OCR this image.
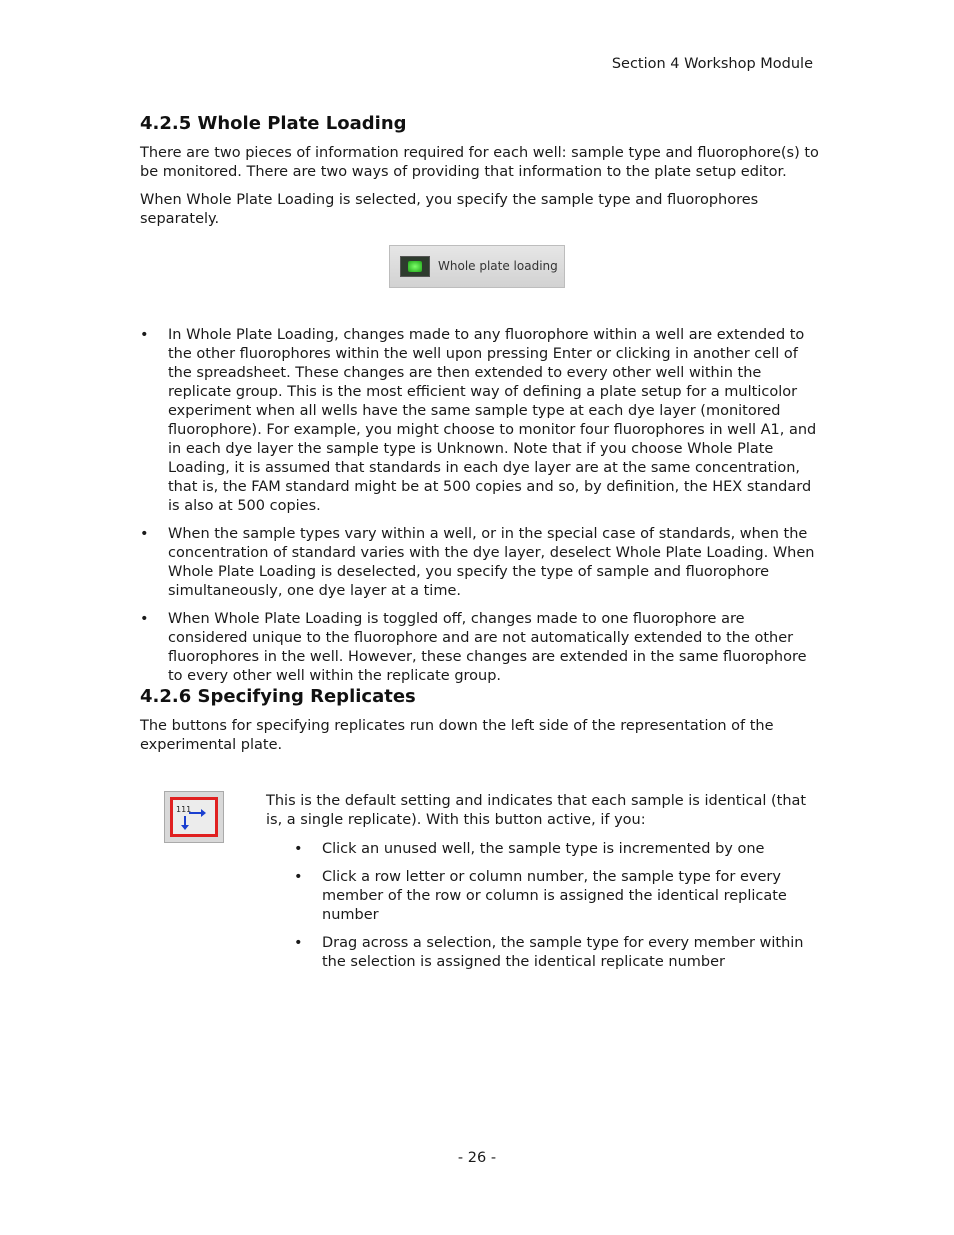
Section 4 Workshop Module
4.2.5 Whole Plate Loading
There are two pieces of information required for each well: sample type and fluorophore(s) to be monitored. There are two ways of providing that information to the plate setup editor.
When Whole Plate Loading is selected, you specify the sample type and fluorophores separately.
Whole plate loading
• In Whole Plate Loading, changes made to any fluorophore within a well are extended to the other fluorophores within the well upon pressing Enter or clicking in another cell of the spreadsheet. These changes are then extended to every other well within the replicate group. This is the most efficient way of defining a plate setup for a multicolor experiment when all wells have the same sample type at each dye layer (monitored fluorophore). For example, you might choose to monitor four fluorophores in well A1, and in each dye layer the sample type is Unknown. Note that if you choose Whole Plate Loading, it is assumed that standards in each dye layer are at the same concentration, that is, the FAM standard might be at 500 copies and so, by definition, the HEX standard is also at 500 copies.
• When the sample types vary within a well, or in the special case of standards, when the concentration of standard varies with the dye layer, deselect Whole Plate Loading. When Whole Plate Loading is deselected, you specify the type of sample and fluorophore simultaneously, one dye layer at a time.
• When Whole Plate Loading is toggled off, changes made to one fluorophore are considered unique to the fluorophore and are not automatically extended to the other fluorophores in the well. However, these changes are extended in the same fluorophore to every other well within the replicate group.
4.2.6 Specifying Replicates
The buttons for specifying replicates run down the left side of the representation of the experimental plate.
111
This is the default setting and indicates that each sample is identical (that is, a single replicate). With this button active, if you:
• Click an unused well, the sample type is incremented by one
• Click a row letter or column number, the sample type for every member of the row or column is assigned the identical replicate number
• Drag across a selection, the sample type for every member within the selection is assigned the identical replicate number
- 26 -
